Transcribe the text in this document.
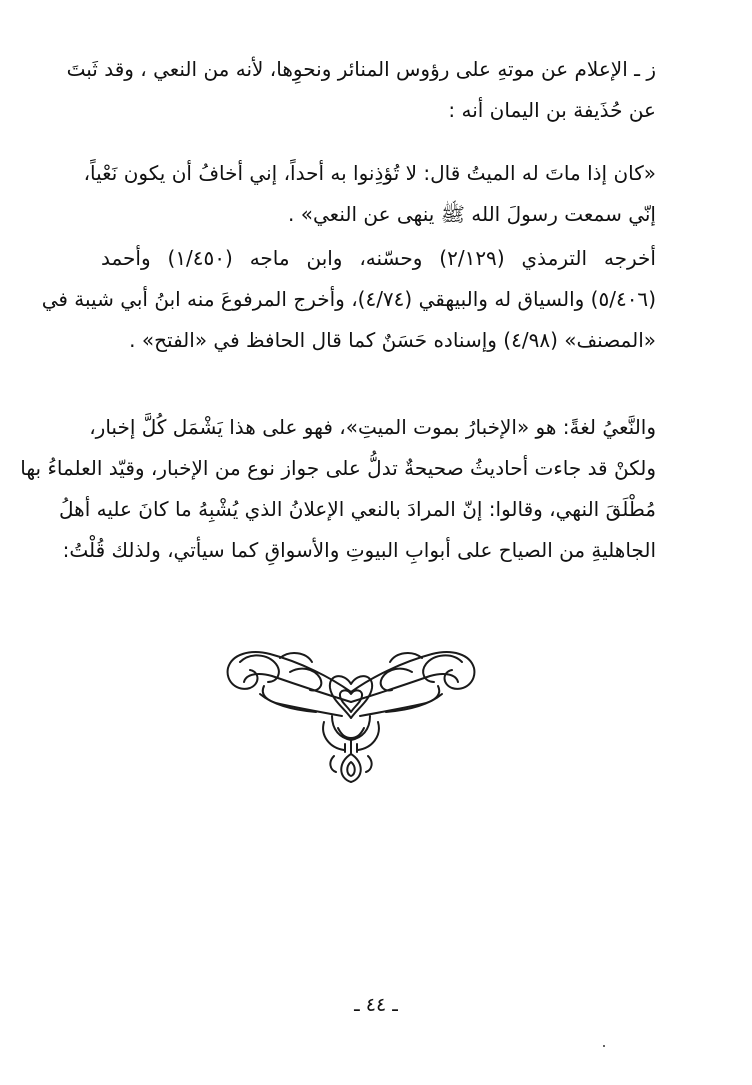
ز ـ الإعلام عن موتهِ على رؤوس المنائر ونحوِها، لأنه من النعي ، وقد ثَبتَ
عن حُذَيفة بن اليمان أنه :
«كان إذا ماتَ له الميتُ قال: لا تُؤذِنوا به أحداً، إني أخافُ أن يكون نَعْياً،
إنّي سمعت رسولَ الله ﷺ ينهى عن النعي» .
أخرجه الترمذي (٢/١٢٩) وحسّنه، وابن ماجه (١/٤٥٠) وأحمد
(٥/٤٠٦) والسياق له والبيهقي (٤/٧٤)، وأخرج المرفوعَ منه ابنُ أبي شيبة في
«المصنف» (٤/٩٨) وإسناده حَسَنٌ كما قال الحافظ في «الفتح» .
والنَّعيُ لغةً: هو «الإخبارُ بموت الميتِ»، فهو على هذا يَشْمَل كُلَّ إخبار،
ولكنْ قد جاءت أحاديثُ صحيحةٌ تدلُّ على جواز نوع من الإخبار، وقيّد العلماءُ بها
مُطْلَقَ النهي، وقالوا: إنّ المرادَ بالنعي الإعلانُ الذي يُشْبِهُ ما كانَ عليه أهلُ
الجاهليةِ من الصياح على أبوابِ البيوتِ والأسواقِ كما سيأتي، ولذلك قُلْتُ:
ـ ٤٤ ـ
